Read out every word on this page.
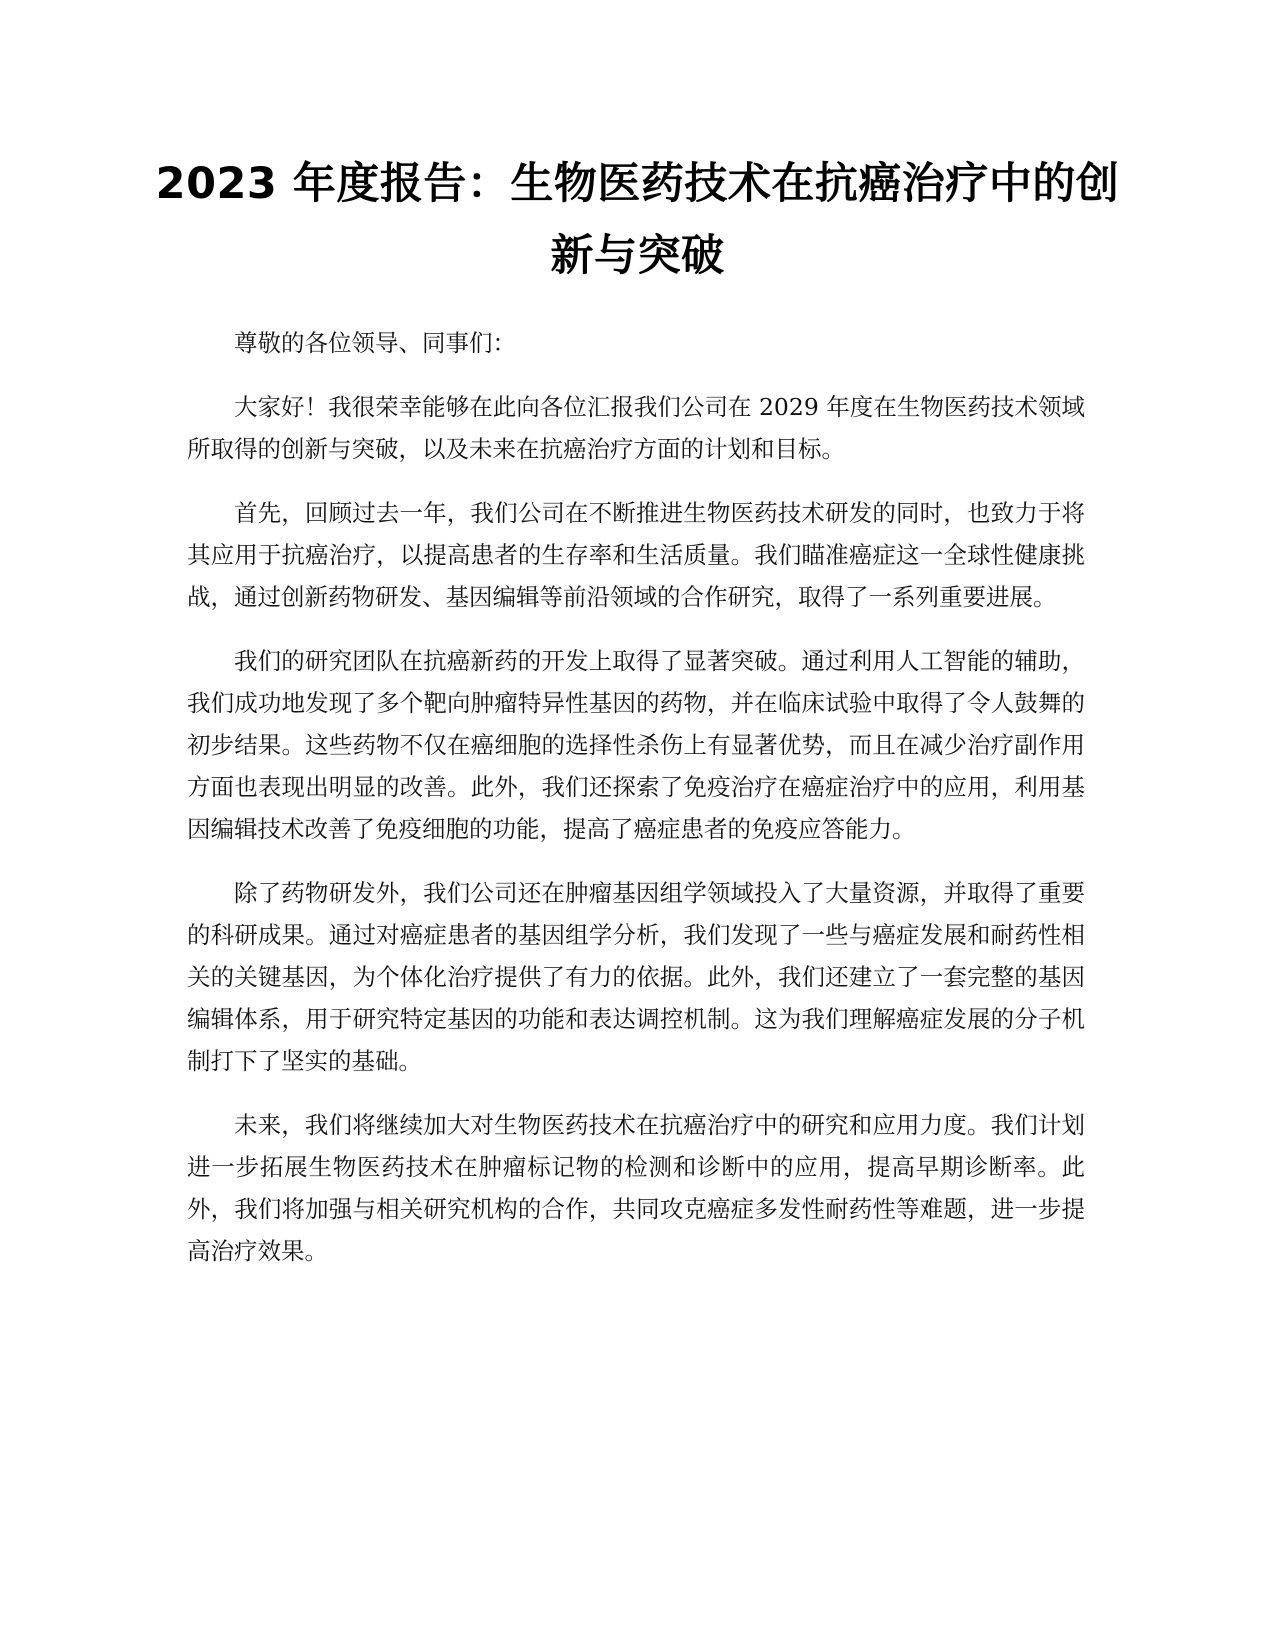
2023 年度报告：生物医药技术在抗癌治疗中的创新与突破

尊敬的各位领导、同事们：

大家好！我很荣幸能够在此向各位汇报我们公司在 2029 年度在生物医药技术领域所取得的创新与突破，以及未来在抗癌治疗方面的计划和目标。

首先，回顾过去一年，我们公司在不断推进生物医药技术研发的同时，也致力于将其应用于抗癌治疗，以提高患者的生存率和生活质量。我们瞄准癌症这一全球性健康挑战，通过创新药物研发、基因编辑等前沿领域的合作研究，取得了一系列重要进展。

我们的研究团队在抗癌新药的开发上取得了显著突破。通过利用人工智能的辅助，我们成功地发现了多个靶向肿瘤特异性基因的药物，并在临床试验中取得了令人鼓舞的初步结果。这些药物不仅在癌细胞的选择性杀伤上有显著优势，而且在减少治疗副作用方面也表现出明显的改善。此外，我们还探索了免疫治疗在癌症治疗中的应用，利用基因编辑技术改善了免疫细胞的功能，提高了癌症患者的免疫应答能力。

除了药物研发外，我们公司还在肿瘤基因组学领域投入了大量资源，并取得了重要的科研成果。通过对癌症患者的基因组学分析，我们发现了一些与癌症发展和耐药性相关的关键基因，为个体化治疗提供了有力的依据。此外，我们还建立了一套完整的基因编辑体系，用于研究特定基因的功能和表达调控机制。这为我们理解癌症发展的分子机制打下了坚实的基础。

未来，我们将继续加大对生物医药技术在抗癌治疗中的研究和应用力度。我们计划进一步拓展生物医药技术在肿瘤标记物的检测和诊断中的应用，提高早期诊断率。此外，我们将加强与相关研究机构的合作，共同攻克癌症多发性耐药性等难题，进一步提高治疗效果。
